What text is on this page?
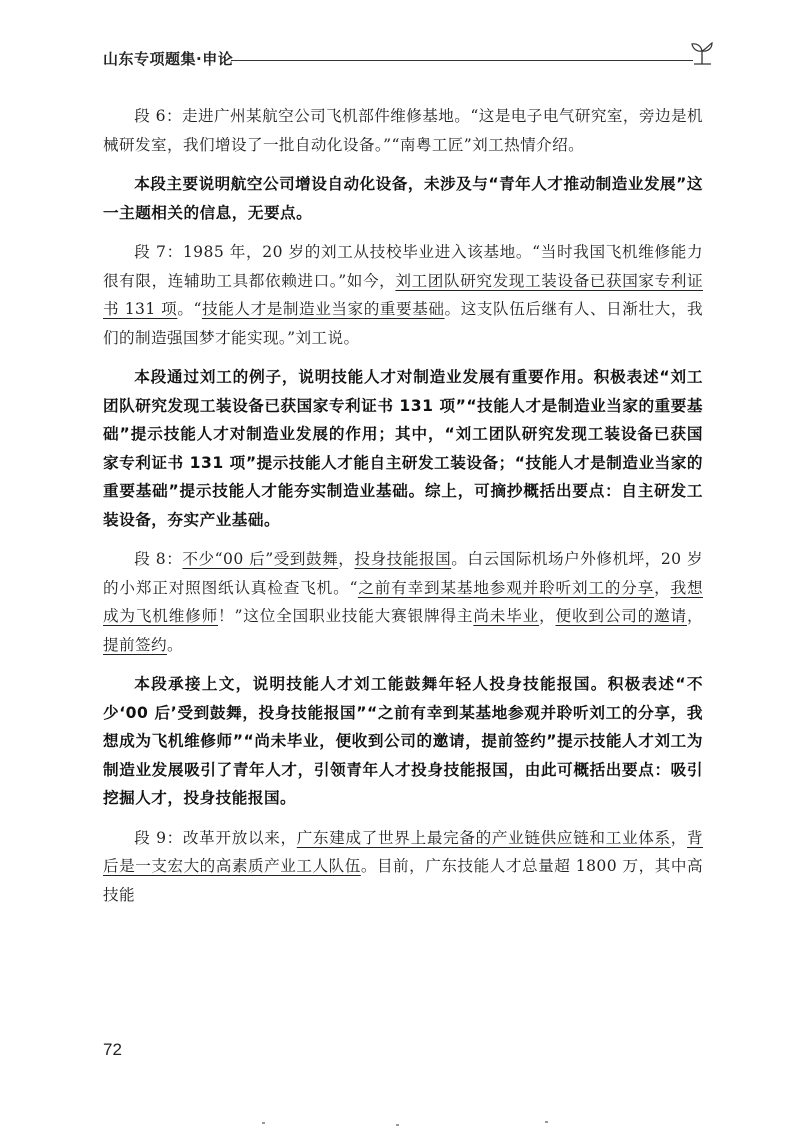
山东专项题集·申论

段 6：走进广州某航空公司飞机部件维修基地。“这是电子电气研究室，旁边是机械研发室，我们增设了一批自动化设备。”“南粤工匠”刘工热情介绍。

本段主要说明航空公司增设自动化设备，未涉及与“青年人才推动制造业发展”这一主题相关的信息，无要点。

段 7：1985 年，20 岁的刘工从技校毕业进入该基地。“当时我国飞机维修能力很有限，连辅助工具都依赖进口。”如今，刘工团队研究发现工装设备已获国家专利证书 131 项。“技能人才是制造业当家的重要基础。这支队伍后继有人、日渐壮大，我们的制造强国梦才能实现。”刘工说。

本段通过刘工的例子，说明技能人才对制造业发展有重要作用。积极表述“刘工团队研究发现工装设备已获国家专利证书 131 项”“技能人才是制造业当家的重要基础”提示技能人才对制造业发展的作用；其中，“刘工团队研究发现工装设备已获国家专利证书 131 项”提示技能人才能自主研发工装设备；“技能人才是制造业当家的重要基础”提示技能人才能夯实制造业基础。综上，可摘抄概括出要点：自主研发工装设备，夯实产业基础。

段 8：不少“00 后”受到鼓舞，投身技能报国。白云国际机场户外修机坪，20 岁的小郑正对照图纸认真检查飞机。“之前有幸到某基地参观并聆听刘工的分享，我想成为飞机维修师！”这位全国职业技能大赛银牌得主尚未毕业，便收到公司的邀请，提前签约。

本段承接上文，说明技能人才刘工能鼓舞年轻人投身技能报国。积极表述“不少‘00 后’受到鼓舞，投身技能报国”“之前有幸到某基地参观并聆听刘工的分享，我想成为飞机维修师”“尚未毕业，便收到公司的邀请，提前签约”提示技能人才刘工为制造业发展吸引了青年人才，引领青年人才投身技能报国，由此可概括出要点：吸引挖掘人才，投身技能报国。

段 9：改革开放以来，广东建成了世界上最完备的产业链供应链和工业体系，背后是一支宏大的高素质产业工人队伍。目前，广东技能人才总量超 1800 万，其中高技能

72
